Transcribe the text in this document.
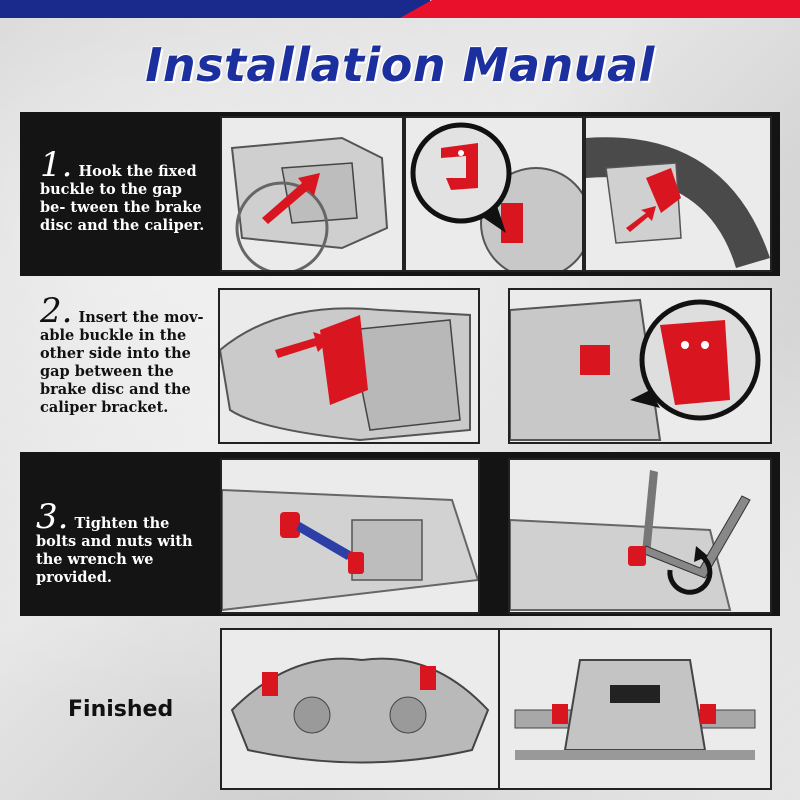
Installation Manual
1. Hook the fixed buckle to the gap be- tween the brake disc and the caliper.
2. Insert the mov- able buckle in the other side into the gap between the brake disc and the caliper bracket.
3. Tighten the bolts and nuts with the wrench we provided.
Finished
